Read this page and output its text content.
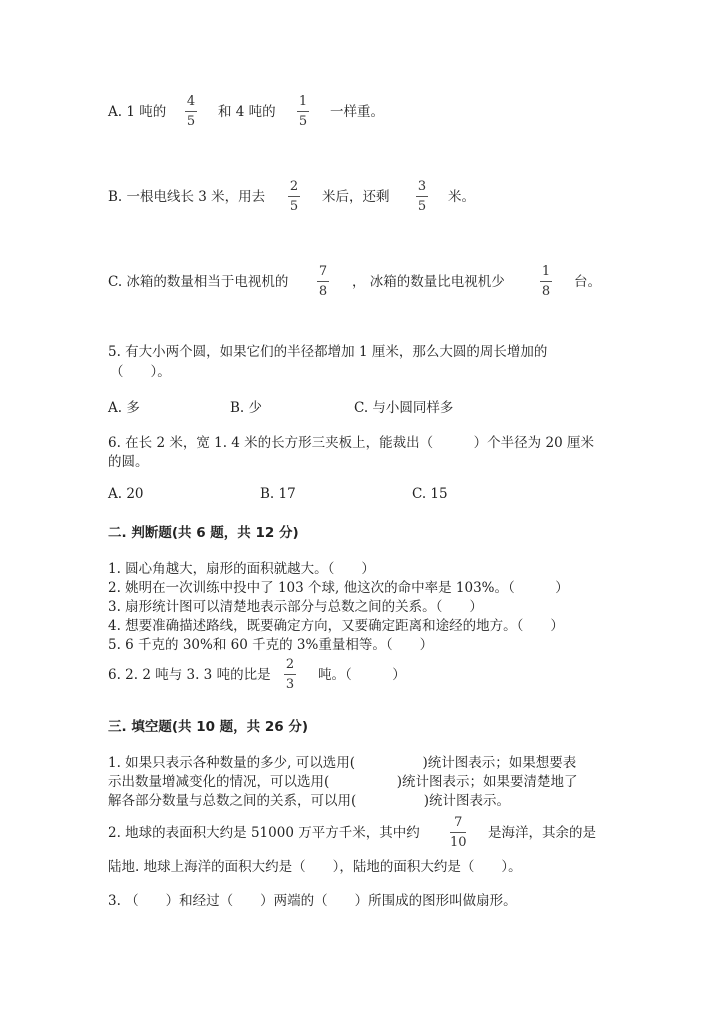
A. 1 吨的
4
5
和 4 吨的
1
5
一样重。
B. 一根电线长 3 米，用去
2
5
米后，还剩
3
5
米。
C. 冰箱的数量相当于电视机的
7
8
， 冰箱的数量比电视机少
1
8
台。
5. 有大小两个圆，如果它们的半径都增加 1 厘米，那么大圆的周长增加的
（　　）。
A. 多	B. 少	C. 与小圆同样多
6. 在长 2 米，宽 1. 4 米的长方形三夹板上，能裁出（　　　）个半径为 20 厘米
的圆。
A. 20	B. 17	C. 15
二. 判断题(共 6 题，共 12 分)
1. 圆心角越大，扇形的面积就越大。（　　）
2. 姚明在一次训练中投中了 103 个球, 他这次的命中率是 103%。（　　　）
3. 扇形统计图可以清楚地表示部分与总数之间的关系。（　　）
4. 想要准确描述路线，既要确定方向，又要确定距离和途经的地方。（　　）
5. 6 千克的 30%和 60 千克的 3%重量相等。（　　）
6. 2. 2 吨与 3. 3 吨的比是
2
3
吨。（　　　）
三. 填空题(共 10 题，共 26 分)
1. 如果只表示各种数量的多少, 可以选用(　　　　　)统计图表示；如果想要表
示出数量增减变化的情况，可以选用(　　　　　)统计图表示；如果要清楚地了
解各部分数量与总数之间的关系，可以用(　　　　　)统计图表示。
2. 地球的表面积大约是 51000 万平方千米，其中约
7
10
是海洋，其余的是
陆地. 地球上海洋的面积大约是（　　），陆地的面积大约是（　　）。
3. （　　）和经过（　　）两端的（　　）所围成的图形叫做扇形。
